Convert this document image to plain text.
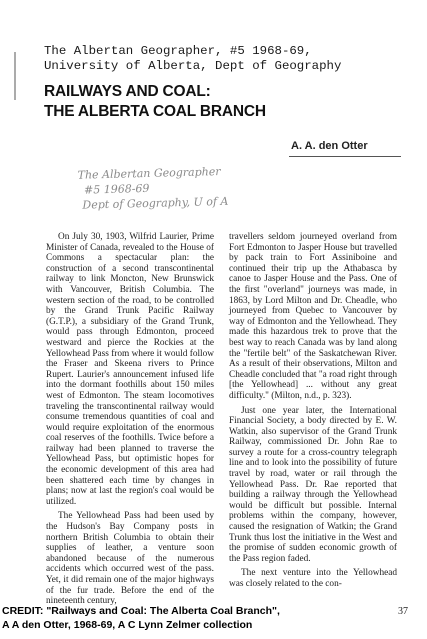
The Albertan Geographer, #5 1968-69,
University of Alberta, Dept of Geography
RAILWAYS AND COAL:
THE ALBERTA COAL BRANCH
A. A. den Otter
The Albertan Geographer
#5 1968-69
Dept of Geography, U of A

On July 30, 1903, Wilfrid Laurier, Prime Minister of Canada, revealed to the House of Commons a spectacular plan: the construction of a second transcontinental railway to link Moncton, New Brunswick with Vancouver, British Columbia. The western section of the road, to be controlled by the Grand Trunk Pacific Railway (G.T.P.), a subsidiary of the Grand Trunk, would pass through Edmonton, proceed westward and pierce the Rockies at the Yellowhead Pass from where it would follow the Fraser and Skeena rivers to Prince Rupert. Laurier's announcement infused life into the dormant foothills about 150 miles west of Edmonton. The steam locomotives traveling the transcontinental railway would consume tremendous quantities of coal and would require exploitation of the enormous coal reserves of the foothills. Twice before a railway had been planned to traverse the Yellowhead Pass, but optimistic hopes for the economic development of this area had been shattered each time by changes in plans; now at last the region's coal would be utilized.

The Yellowhead Pass had been used by the Hudson's Bay Company posts in northern British Columbia to obtain their supplies of leather, a venture soon abandoned because of the numerous accidents which occurred west of the pass. Yet, it did remain one of the major highways of the fur trade. Before the end of the nineteenth century,

travellers seldom journeyed overland from Fort Edmonton to Jasper House but travelled by pack train to Fort Assiniboine and continued their trip up the Athabasca by canoe to Jasper House and the Pass. One of the first "overland" journeys was made, in 1863, by Lord Milton and Dr. Cheadle, who journeyed from Quebec to Vancouver by way of Edmonton and the Yellowhead. They made this hazardous trek to prove that the best way to reach Canada was by land along the "fertile belt" of the Saskatchewan River. As a result of their observations, Milton and Cheadle concluded that "a road right through [the Yellowhead] ... without any great difficulty." (Milton, n.d., p. 323).

Just one year later, the International Financial Society, a body directed by E. W. Watkin, also supervisor of the Grand Trunk Railway, commissioned Dr. John Rae to survey a route for a cross-country telegraph line and to look into the possibility of future travel by road, water or rail through the Yellowhead Pass. Dr. Rae reported that building a railway through the Yellowhead would be difficult but possible. Internal problems within the company, however, caused the resignation of Watkin; the Grand Trunk thus lost the initiative in the West and the promise of sudden economic growth of the Pass region faded.

The next venture into the Yellowhead was closely related to the con-

CREDIT: "Railways and Coal: The Alberta Coal Branch",
A A den Otter, 1968-69, A C Lynn Zelmer collection
37
